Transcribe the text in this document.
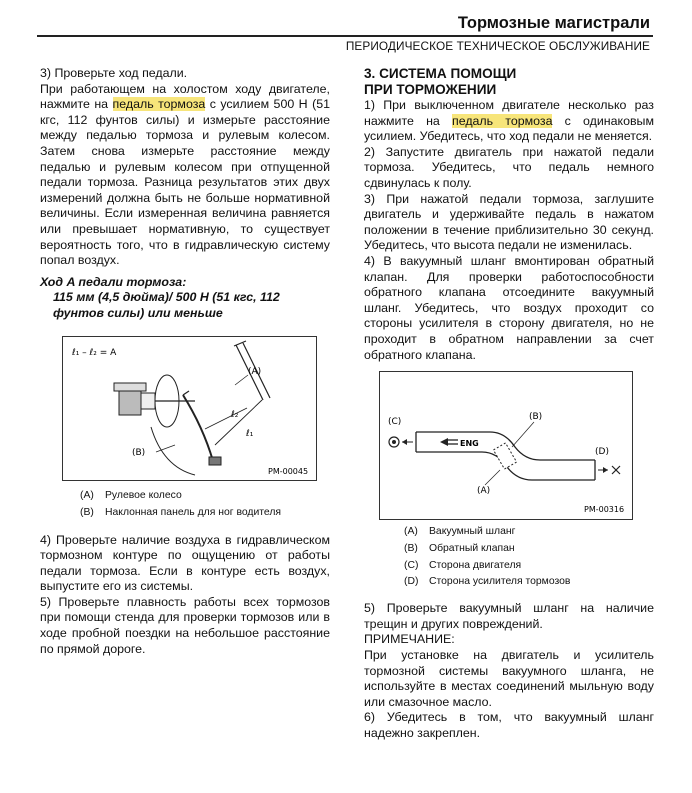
Тормозные магистрали
ПЕРИОДИЧЕСКОЕ ТЕХНИЧЕСКОЕ ОБСЛУЖИВАНИЕ

3) Проверьте ход педали.

При работающем на холостом ходу двигателе, нажмите на педаль тормоза с усилием 500 Н (51 кгс, 112 фунтов силы) и измерьте расстояние между педалью тормоза и рулевым колесом. Затем снова измерьте расстояние между педалью и рулевым колесом при отпущенной педали тормоза. Разница результатов этих двух измерений должна быть не больше нормативной величины. Если измеренная величина равняется или превышает нормативную, то существует вероятность того, что в гидравлическую систему попал воздух.

Ход A педали тормоза:

115 мм (4,5 дюйма)/ 500 Н (51 кгс, 112 фунтов силы) или меньше

ℓ₁ – ℓ₂ = A
ℓ₁
ℓ₂
(A)
(B)
PM-00045
(A)	Рулевое колесо
(B)	Наклонная панель для ног водителя

4) Проверьте наличие воздуха в гидравлическом тормозном контуре по ощущению от работы педали тормоза. Если в контуре есть воздух, выпустите его из системы.

5) Проверьте плавность работы всех тормозов при помощи стенда для проверки тормозов или в ходе пробной поездки на небольшое расстояние по прямой дороге.

3. СИСТЕМА ПОМОЩИ
ПРИ ТОРМОЖЕНИИ

1) При выключенном двигателе несколько раз нажмите на педаль тормоза с одинаковым усилием. Убедитесь, что ход педали не меняется.

2) Запустите двигатель при нажатой педали тормоза. Убедитесь, что педаль немного сдвинулась к полу.

3) При нажатой педали тормоза, заглушите двигатель и удерживайте педаль в нажатом положении в течение приблизительно 30 секунд. Убедитесь, что высота педали не изменилась.

4) В вакуумный шланг вмонтирован обратный клапан. Для проверки работоспособности обратного клапана отсоедините вакуумный шланг. Убедитесь, что воздух проходит со стороны усилителя в сторону двигателя, но не проходит в обратном направлении за счет обратного клапана.

ENG
(C)	(B)
(D)
(A)
PM-00316
(A)	Вакуумный шланг
(B)	Обратный клапан
(C)	Сторона двигателя
(D)	Сторона усилителя тормозов

5) Проверьте вакуумный шланг на наличие трещин и других повреждений.

ПРИМЕЧАНИЕ:

При установке на двигатель и усилитель тормозной системы вакуумного шланга, не используйте в местах соединений мыльную воду или смазочное масло.

6) Убедитесь в том, что вакуумный шланг надежно закреплен.
